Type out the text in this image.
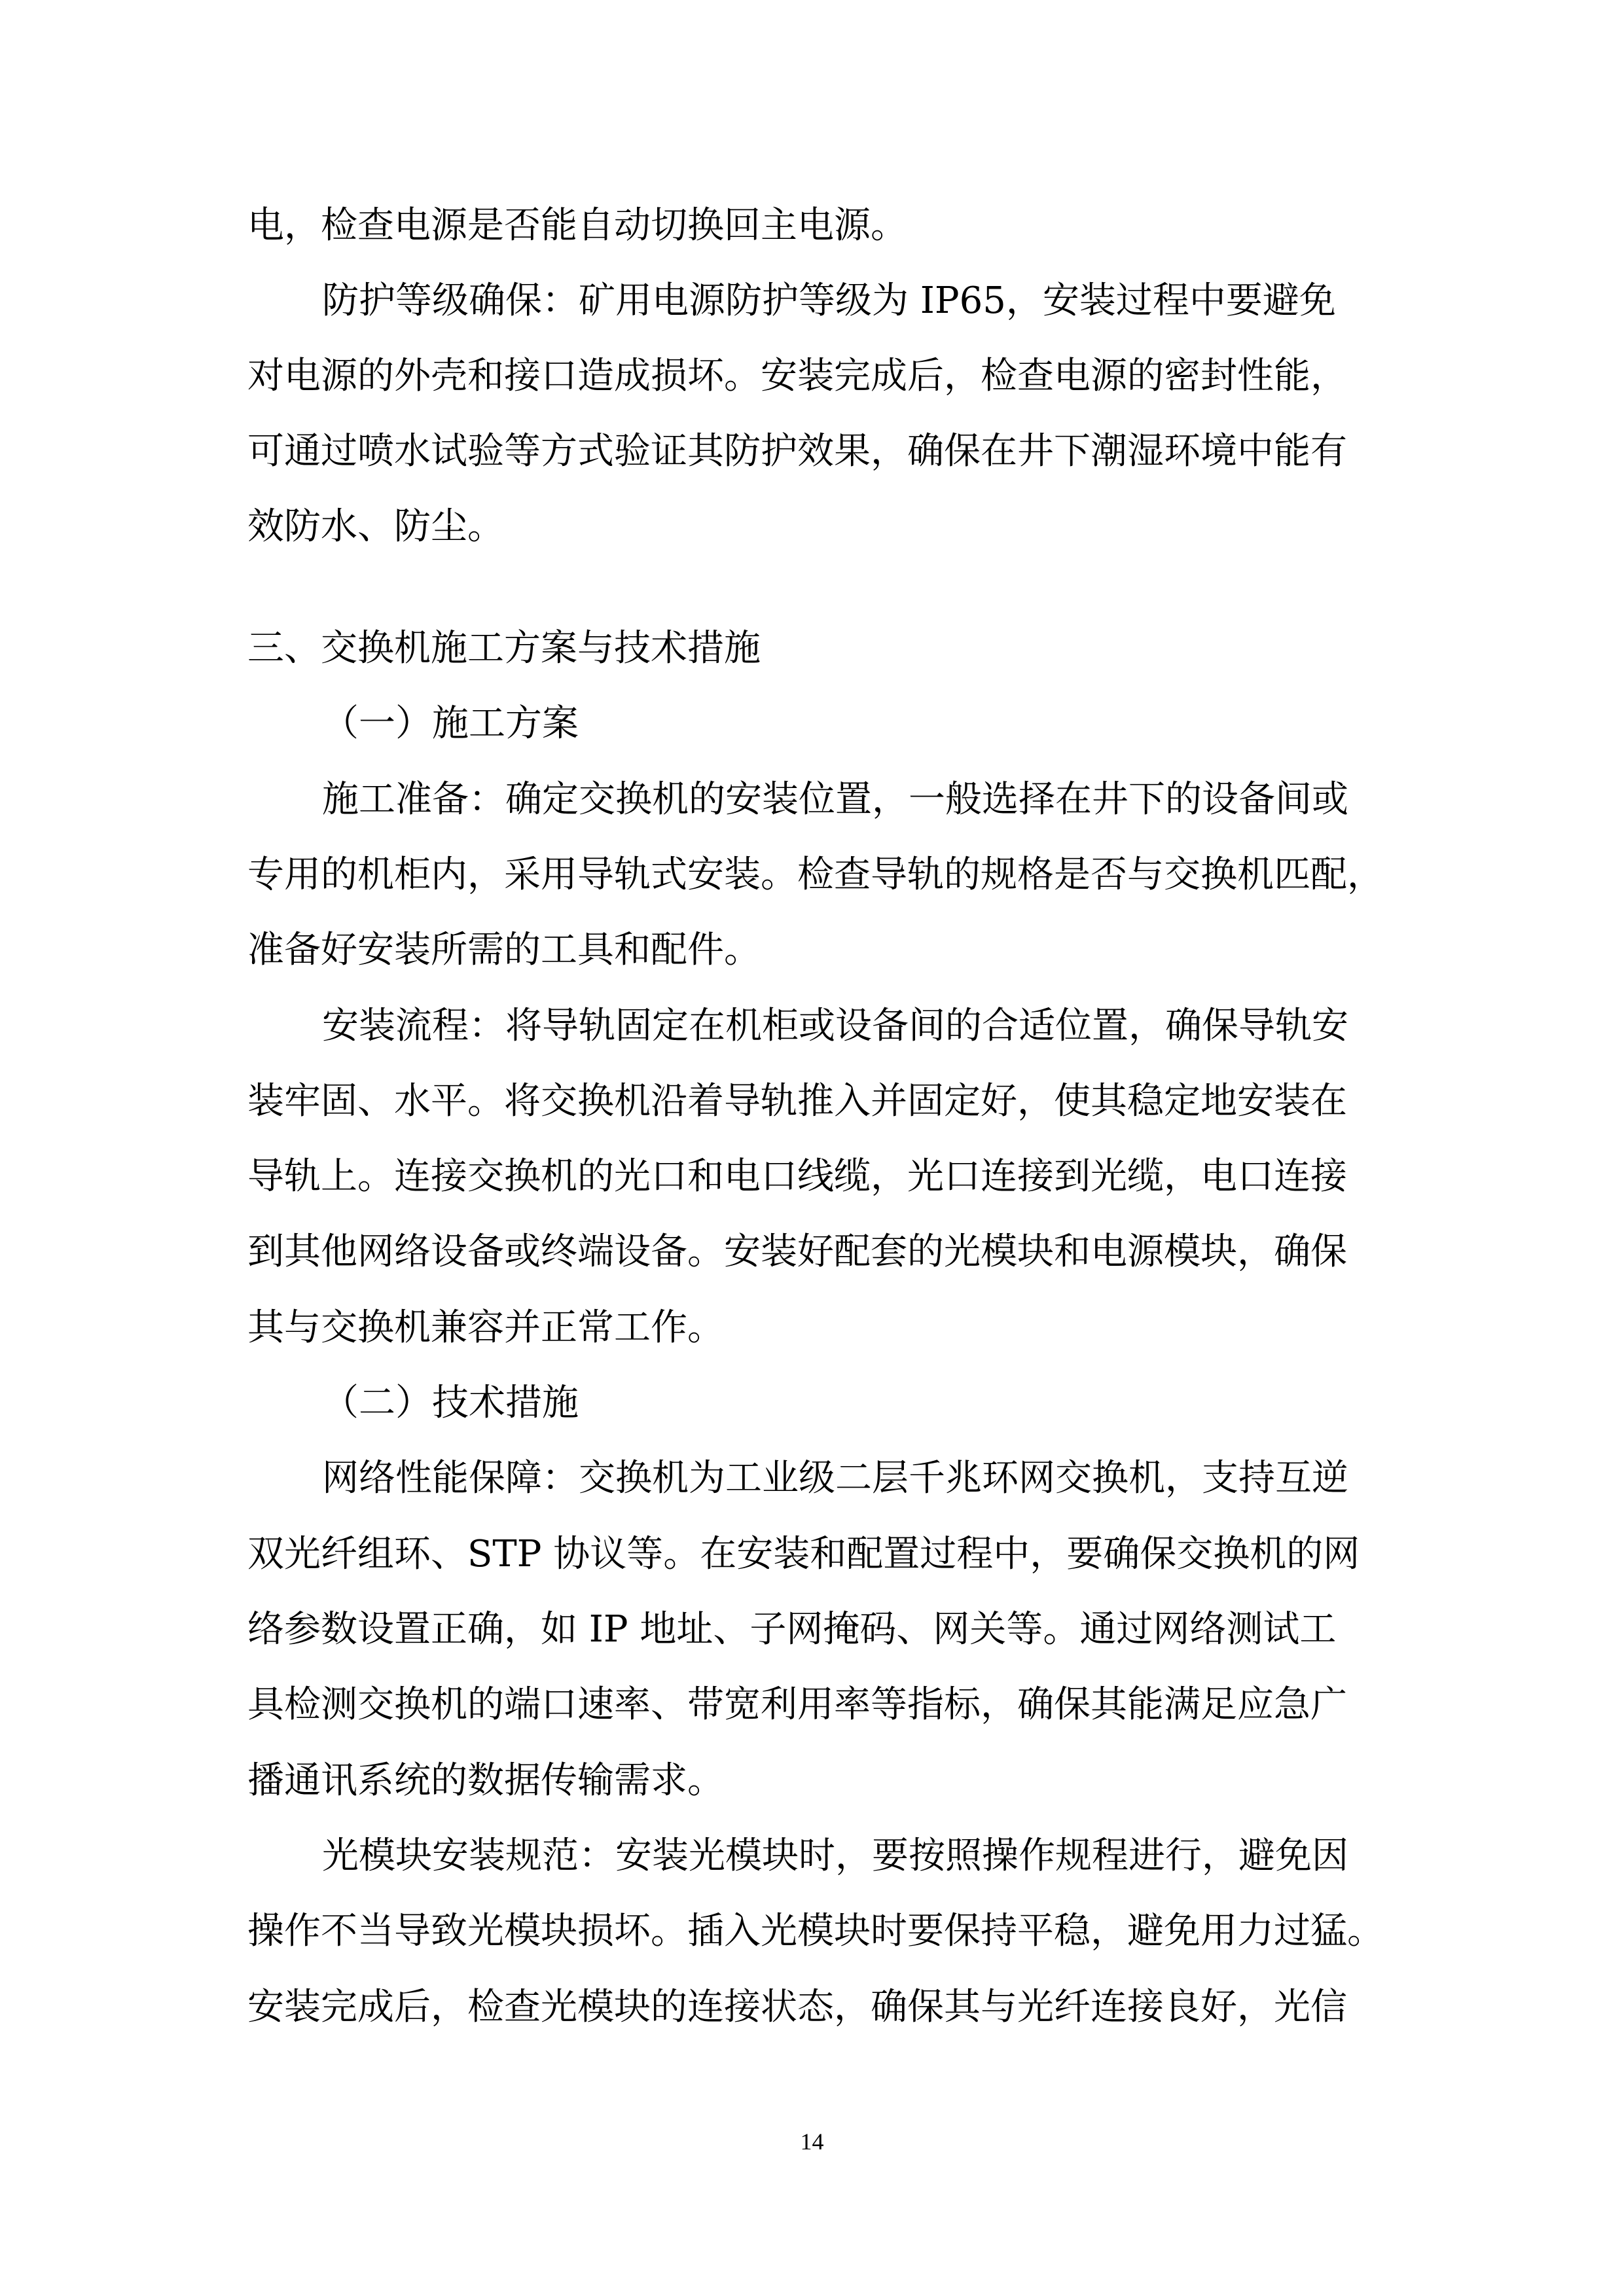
电，检查电源是否能自动切换回主电源。
防护等级确保：矿用电源防护等级为 IP65，安装过程中要避免
对电源的外壳和接口造成损坏。安装完成后，检查电源的密封性能，
可通过喷水试验等方式验证其防护效果，确保在井下潮湿环境中能有
效防水、防尘。
三、交换机施工方案与技术措施
（一）施工方案
施工准备：确定交换机的安装位置，一般选择在井下的设备间或
专用的机柜内，采用导轨式安装。检查导轨的规格是否与交换机匹配，
准备好安装所需的工具和配件。
安装流程：将导轨固定在机柜或设备间的合适位置，确保导轨安
装牢固、水平。将交换机沿着导轨推入并固定好，使其稳定地安装在
导轨上。连接交换机的光口和电口线缆，光口连接到光缆，电口连接
到其他网络设备或终端设备。安装好配套的光模块和电源模块，确保
其与交换机兼容并正常工作。
（二）技术措施
网络性能保障：交换机为工业级二层千兆环网交换机，支持互逆
双光纤组环、STP 协议等。在安装和配置过程中，要确保交换机的网
络参数设置正确，如 IP 地址、子网掩码、网关等。通过网络测试工
具检测交换机的端口速率、带宽利用率等指标，确保其能满足应急广
播通讯系统的数据传输需求。
光模块安装规范：安装光模块时，要按照操作规程进行，避免因
操作不当导致光模块损坏。插入光模块时要保持平稳，避免用力过猛。
安装完成后，检查光模块的连接状态，确保其与光纤连接良好，光信
14
